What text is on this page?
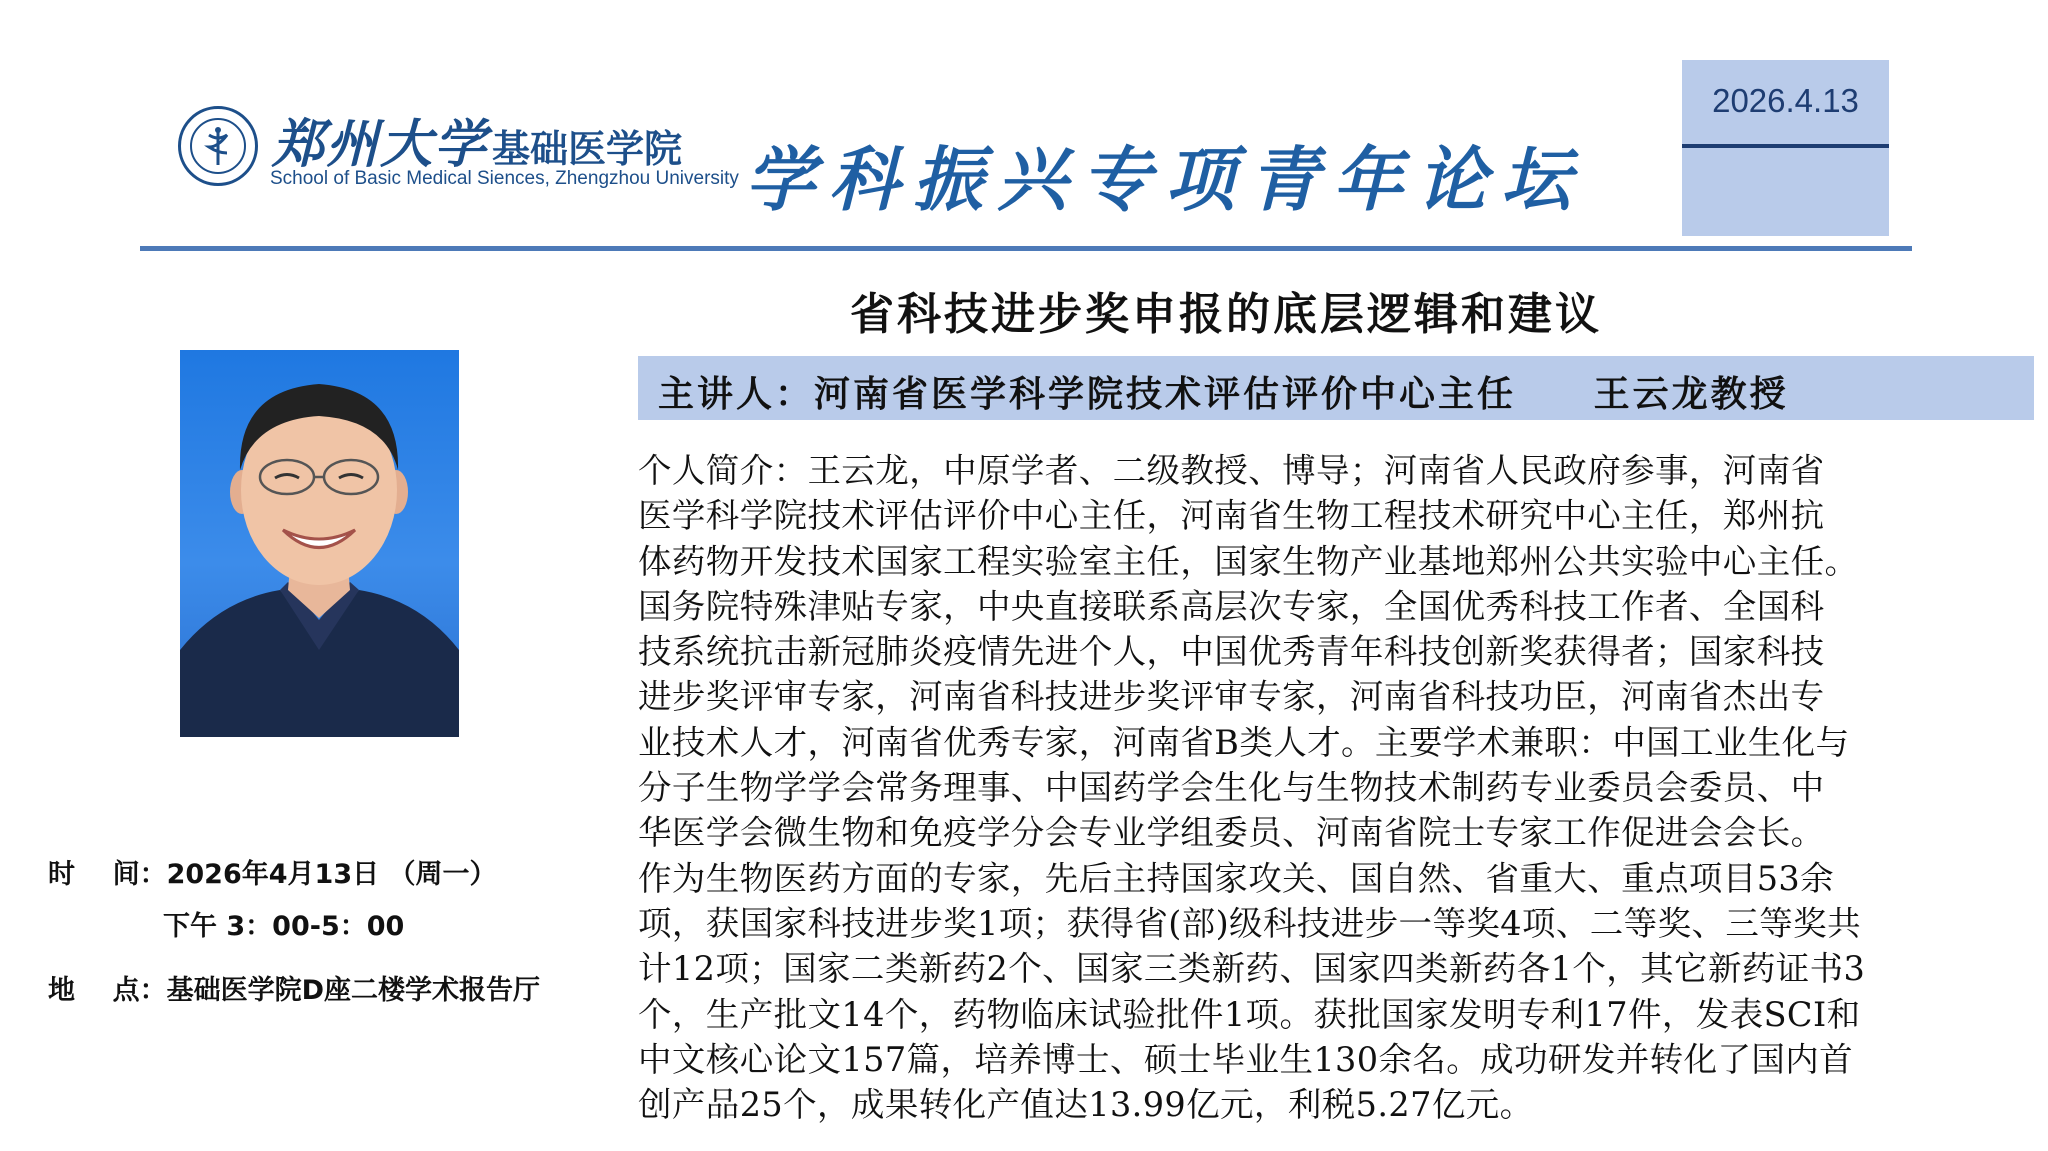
郑州大学 基础医学院
School of Basic Medical Siences, Zhengzhou University 学科振兴专项青年论坛
2026.4.13
省科技进步奖申报的底层逻辑和建议
主讲人：河南省医学科学院技术评估评价中心主任     王云龙教授
时    间：2026年4月13日 （周一）
下午 3：00-5：00
地    点：基础医学院D座二楼学术报告厅
个人简介：王云龙，中原学者、二级教授、博导；河南省人民政府参事，河南省
医学科学院技术评估评价中心主任，河南省生物工程技术研究中心主任，郑州抗
体药物开发技术国家工程实验室主任，国家生物产业基地郑州公共实验中心主任。
国务院特殊津贴专家，中央直接联系高层次专家，全国优秀科技工作者、全国科
技系统抗击新冠肺炎疫情先进个人，中国优秀青年科技创新奖获得者；国家科技
进步奖评审专家，河南省科技进步奖评审专家，河南省科技功臣，河南省杰出专
业技术人才，河南省优秀专家，河南省B类人才。主要学术兼职：中国工业生化与
分子生物学学会常务理事、中国药学会生化与生物技术制药专业委员会委员、中
华医学会微生物和免疫学分会专业学组委员、河南省院士专家工作促进会会长。
作为生物医药方面的专家，先后主持国家攻关、国自然、省重大、重点项目53余
项，获国家科技进步奖1项；获得省(部)级科技进步一等奖4项、二等奖、三等奖共
计12项；国家二类新药2个、国家三类新药、国家四类新药各1个，其它新药证书3
个，生产批文14个，药物临床试验批件1项。获批国家发明专利17件，发表SCI和
中文核心论文157篇，培养博士、硕士毕业生130余名。成功研发并转化了国内首
创产品25个，成果转化产值达13.99亿元，利税5.27亿元。
